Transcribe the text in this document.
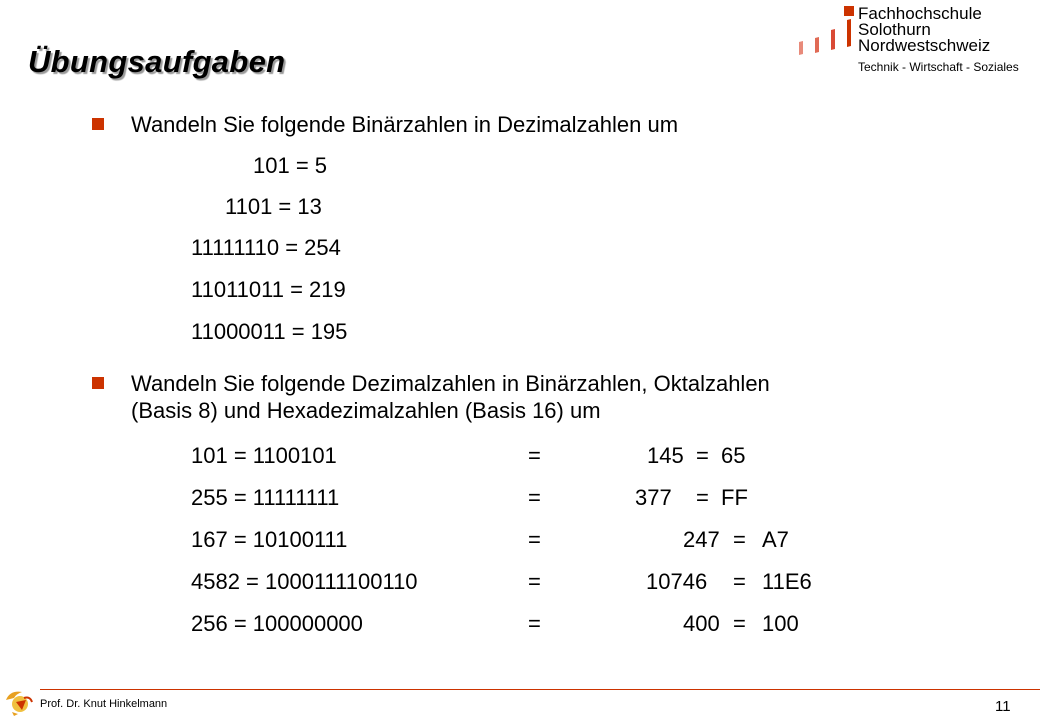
Übungsaufgaben
Fachhochschule
Solothurn
Nordwestschweiz
Technik - Wirtschaft - Soziales
Wandeln Sie folgende Binärzahlen in Dezimalzahlen um
101 = 5
1101 = 13
11111110 = 254
11011011 = 219
11000011 = 195
Wandeln Sie folgende Dezimalzahlen in Binärzahlen, Oktalzahlen
(Basis 8) und Hexadezimalzahlen (Basis 16) um
101 = 1100101	=	145 = 65
255 = 11111111	=	377 = FF
167 = 10100111	=	247 = A7
4582 = 1000111100110	=	10746 = 11E6
256 = 100000000	=	400 = 100
Prof. Dr. Knut Hinkelmann	11
